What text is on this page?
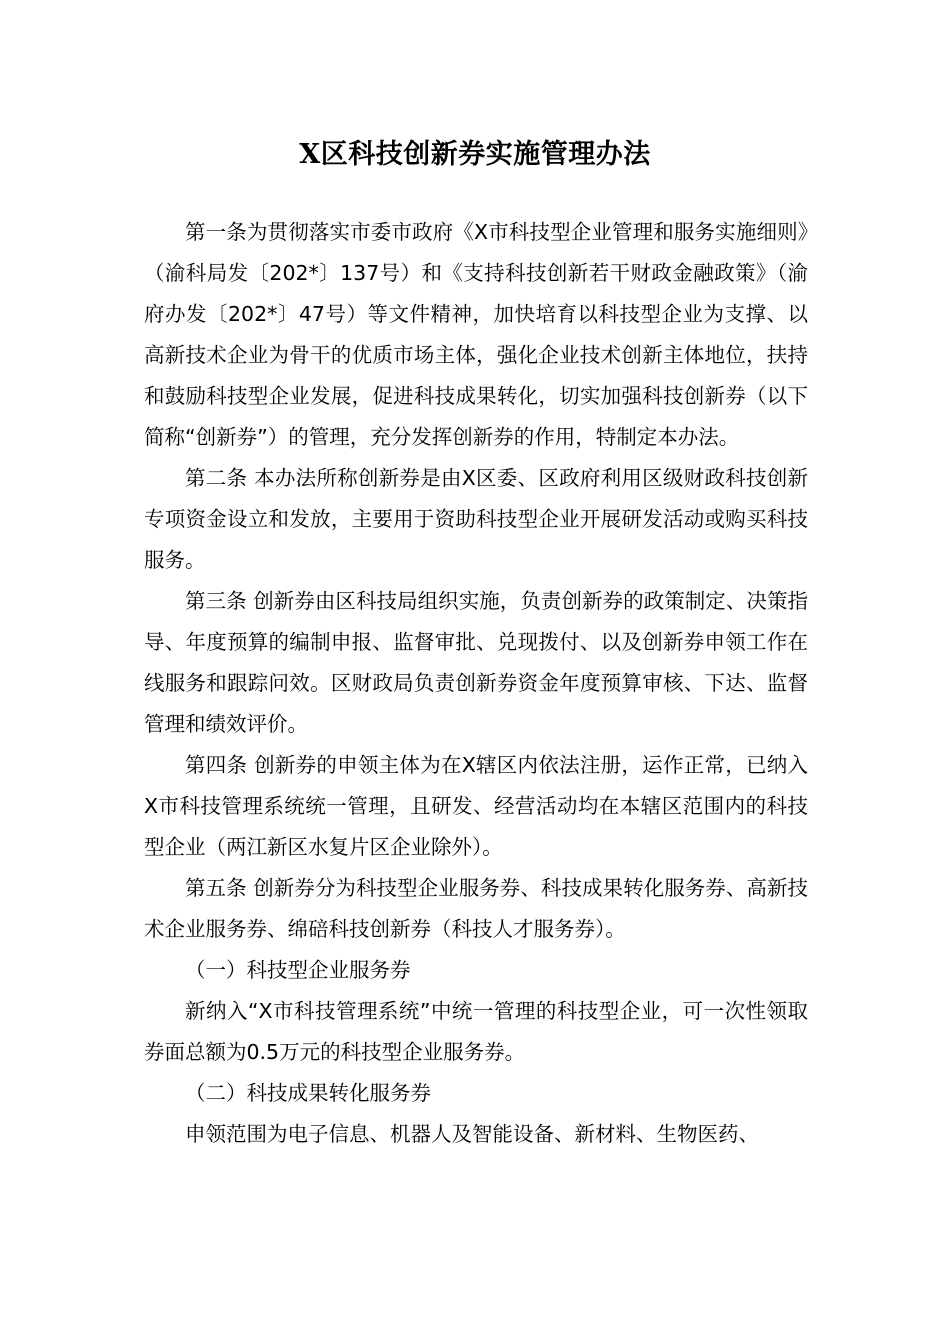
X区科技创新券实施管理办法

第一条为贯彻落实市委市政府《X市科技型企业管理和服务实施细则》（渝科局发〔202*〕137号）和《支持科技创新若干财政金融政策》（渝府办发〔202*〕47号）等文件精神，加快培育以科技型企业为支撑、以高新技术企业为骨干的优质市场主体，强化企业技术创新主体地位，扶持和鼓励科技型企业发展，促进科技成果转化，切实加强科技创新券（以下简称“创新券”）的管理，充分发挥创新券的作用，特制定本办法。

第二条 本办法所称创新券是由X区委、区政府利用区级财政科技创新专项资金设立和发放，主要用于资助科技型企业开展研发活动或购买科技服务。

第三条 创新券由区科技局组织实施，负责创新券的政策制定、决策指导、年度预算的编制申报、监督审批、兑现拨付、以及创新券申领工作在线服务和跟踪问效。区财政局负责创新券资金年度预算审核、下达、监督管理和绩效评价。

第四条 创新券的申领主体为在X辖区内依法注册，运作正常，已纳入X市科技管理系统统一管理，且研发、经营活动均在本辖区范围内的科技型企业（两江新区水复片区企业除外）。

第五条 创新券分为科技型企业服务券、科技成果转化服务券、高新技术企业服务券、绵碚科技创新券（科技人才服务券）。

（一）科技型企业服务券

新纳入“X市科技管理系统”中统一管理的科技型企业，可一次性领取券面总额为0.5万元的科技型企业服务券。

（二）科技成果转化服务券

申领范围为电子信息、机器人及智能设备、新材料、生物医药、
